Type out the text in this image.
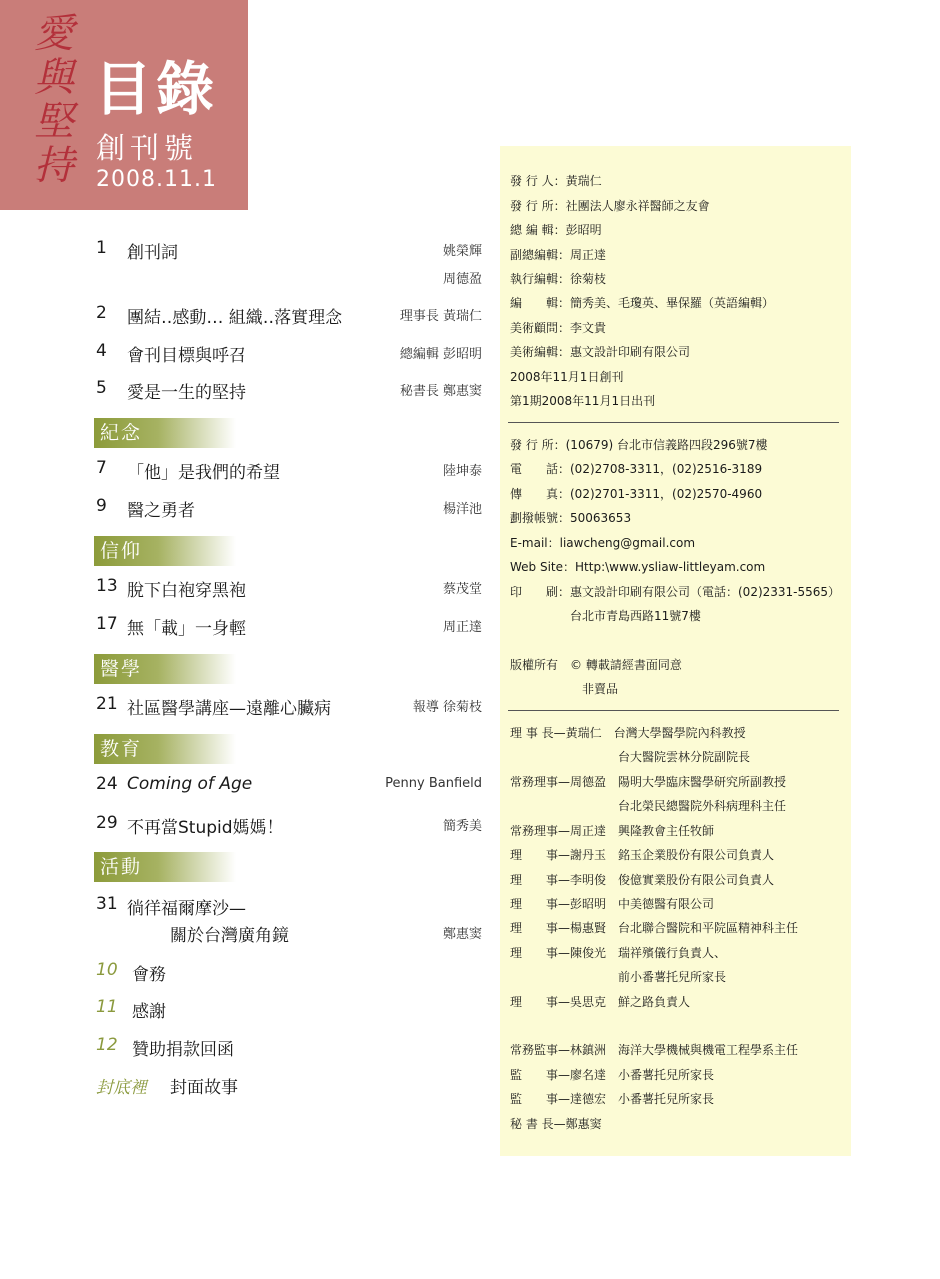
愛
與
堅
持
目錄
創刊號
2008.11.1
1 創刊詞	姚榮輝
周德盈
2 團結‥感動… 組織‥落實理念	理事長 黃瑞仁
4 會刊目標與呼召	總編輯 彭昭明
5 愛是一生的堅持	秘書長 鄭惠窦
紀念
7 「他」是我們的希望	陸坤泰
9 醫之勇者	楊洋池
信仰
13 脫下白袍穿黑袍	蔡茂堂
17 無「載」一身輕	周正達
醫學
21 社區醫學講座—遠離心臟病	報導 徐菊枝
教育
24 Coming of Age	Penny Banfield
29 不再當Stupid媽媽！	簡秀美
活動
31 徜徉福爾摩沙—
關於台灣廣角鏡	鄭惠窦
10 會務
11 感謝
12 贊助捐款回函
封底裡 封面故事
發 行 人：黃瑞仁
發 行 所：社團法人廖永祥醫師之友會
總 編 輯：彭昭明
副總編輯：周正達
執行編輯：徐菊枝
編　　輯：簡秀美、毛瓊英、畢保羅（英語編輯）
美術顧問：李文貴
美術編輯：惠文設計印刷有限公司
2008年11月1日創刊
第1期2008年11月1日出刊
發 行 所：(10679) 台北市信義路四段296號7樓
電　　話：(02)2708-3311，(02)2516-3189
傳　　真：(02)2701-3311，(02)2570-4960
劃撥帳號：50063653
E-mail：liawcheng@gmail.com
Web Site：Http:\www.ysliaw-littleyam.com
印　　刷：惠文設計印刷有限公司（電話：(02)2331-5565）
　　　　　台北市青島西路11號7樓
版權所有　© 轉載請經書面同意
　　　　　　非賣品
理 事 長—黃瑞仁　台灣大學醫學院內科教授
　　　　　　　　　台大醫院雲林分院副院長
常務理事—周德盈　陽明大學臨床醫學研究所副教授
　　　　　　　　　台北榮民總醫院外科病理科主任
常務理事—周正達　興隆教會主任牧師
理　　事—謝丹玉　銘玉企業股份有限公司負責人
理　　事—李明俊　俊億實業股份有限公司負責人
理　　事—彭昭明　中美德醫有限公司
理　　事—楊惠賢　台北聯合醫院和平院區精神科主任
理　　事—陳俊光　瑞祥殯儀行負責人、
　　　　　　　　　前小番薯托兒所家長
理　　事—吳思克　鮮之路負責人
常務監事—林鎮洲　海洋大學機械與機電工程學系主任
監　　事—廖名達　小番薯托兒所家長
監　　事—達德宏　小番薯托兒所家長
秘 書 長—鄭惠窦
